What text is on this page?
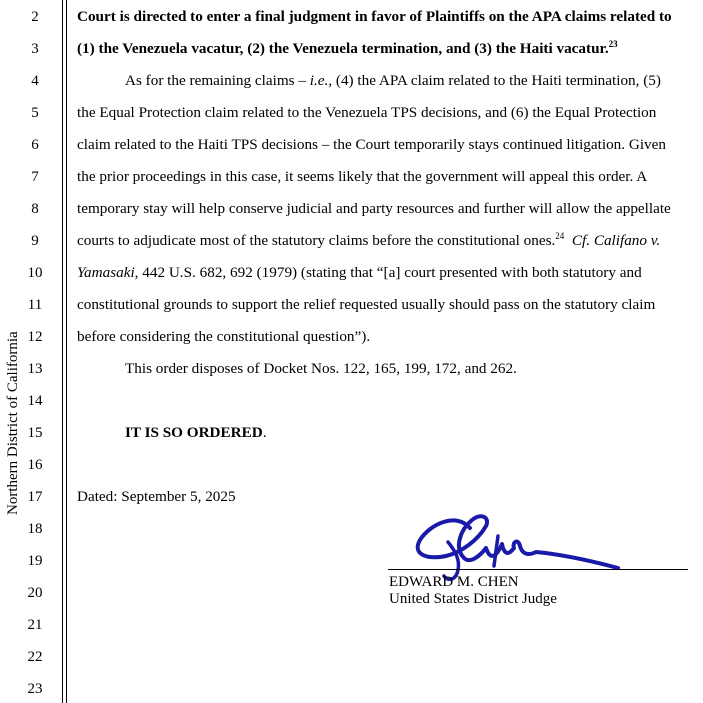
Northern District of California
2
3
4
5
6
7
8
9
10
11
12
13
14
15
16
17
18
19
20
21
22
23
Court is directed to enter a final judgment in favor of Plaintiffs on the APA claims related to
(1) the Venezuela vacatur, (2) the Venezuela termination, and (3) the Haiti vacatur.$^{23}$
As for the remaining claims – i.e., (4) the APA claim related to the Haiti termination, (5)
the Equal Protection claim related to the Venezuela TPS decisions, and (6) the Equal Protection
claim related to the Haiti TPS decisions – the Court temporarily stays continued litigation. Given
the prior proceedings in this case, it seems likely that the government will appeal this order. A
temporary stay will help conserve judicial and party resources and further will allow the appellate
courts to adjudicate most of the statutory claims before the constitutional ones.$^{24}$ Cf. Califano v.
Yamasaki, 442 U.S. 682, 692 (1979) (stating that “[a] court presented with both statutory and
constitutional grounds to support the relief requested usually should pass on the statutory claim
before considering the constitutional question”).
This order disposes of Docket Nos. 122, 165, 199, 172, and 262.
IT IS SO ORDERED.
Dated: September 5, 2025
EDWARD M. CHEN
United States District Judge
